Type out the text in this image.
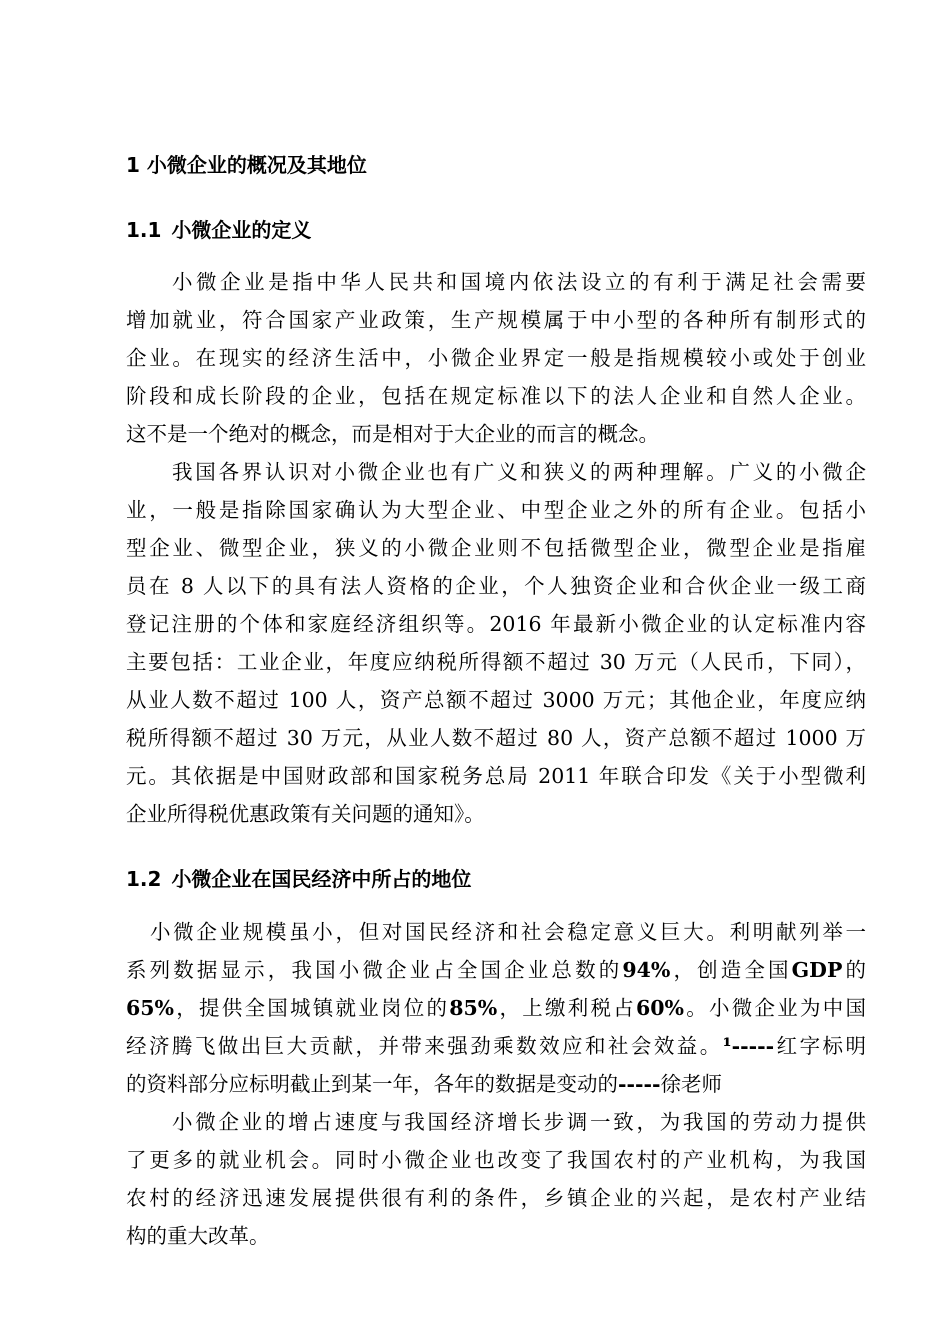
1 小微企业的概况及其地位
1.1 小微企业的定义
小微企业是指中华人民共和国境内依法设立的有利于满足社会需要
增加就业，符合国家产业政策，生产规模属于中小型的各种所有制形式的
企业。在现实的经济生活中，小微企业界定一般是指规模较小或处于创业
阶段和成长阶段的企业，包括在规定标准以下的法人企业和自然人企业。
这不是一个绝对的概念，而是相对于大企业的而言的概念。
我国各界认识对小微企业也有广义和狭义的两种理解。广义的小微企
业，一般是指除国家确认为大型企业、中型企业之外的所有企业。包括小
型企业、微型企业，狭义的小微企业则不包括微型企业，微型企业是指雇
员在 8 人以下的具有法人资格的企业，个人独资企业和合伙企业一级工商
登记注册的个体和家庭经济组织等。2016 年最新小微企业的认定标准内容
主要包括：工业企业，年度应纳税所得额不超过 30 万元（人民币，下同），
从业人数不超过 100 人，资产总额不超过 3000 万元；其他企业，年度应纳
税所得额不超过 30 万元，从业人数不超过 80 人，资产总额不超过 1000 万
元。其依据是中国财政部和国家税务总局 2011 年联合印发《关于小型微利
企业所得税优惠政策有关问题的通知》。
1.2 小微企业在国民经济中所占的地位
小微企业规模虽小，但对国民经济和社会稳定意义巨大。利明献列举一
系列数据显示，我国小微企业占全国企业总数的94%，创造全国GDP的
65%，提供全国城镇就业岗位的85%，上缴利税占60%。小微企业为中国
经济腾飞做出巨大贡献，并带来强劲乘数效应和社会效益。¹-----红字标明
的资料部分应标明截止到某一年，各年的数据是变动的-----徐老师
小微企业的增占速度与我国经济增长步调一致，为我国的劳动力提供
了更多的就业机会。同时小微企业也改变了我国农村的产业机构，为我国
农村的经济迅速发展提供很有利的条件，乡镇企业的兴起，是农村产业结
构的重大改革。
